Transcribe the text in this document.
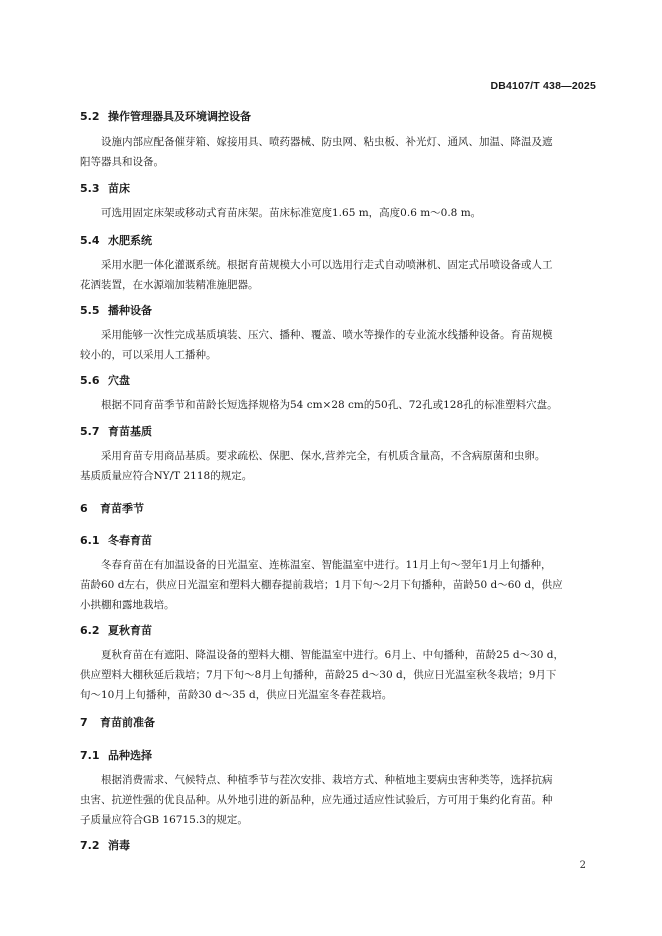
DB4107/T 438—2025
5.2 操作管理器具及环境调控设备
设施内部应配备催芽箱、嫁接用具、喷药器械、防虫网、粘虫板、补光灯、通风、加温、降温及遮
阳等器具和设备。
5.3 苗床
可选用固定床架或移动式育苗床架。苗床标准宽度1.65 m，高度0.6 m～0.8 m。
5.4 水肥系统
采用水肥一体化灌溉系统。根据育苗规模大小可以选用行走式自动喷淋机、固定式吊喷设备或人工
花洒装置，在水源端加装精准施肥器。
5.5 播种设备
采用能够一次性完成基质填装、压穴、播种、覆盖、喷水等操作的专业流水线播种设备。育苗规模
较小的，可以采用人工播种。
5.6 穴盘
根据不同育苗季节和苗龄长短选择规格为54 cm×28 cm的50孔、72孔或128孔的标准塑料穴盘。
5.7 育苗基质
采用育苗专用商品基质。要求疏松、保肥、保水,营养完全，有机质含量高，不含病原菌和虫卵。
基质质量应符合NY/T 2118的规定。
6 育苗季节
6.1 冬春育苗
冬春育苗在有加温设备的日光温室、连栋温室、智能温室中进行。11月上旬～翌年1月上旬播种，
苗龄60 d左右，供应日光温室和塑料大棚春提前栽培；1月下旬～2月下旬播种，苗龄50 d～60 d，供应
小拱棚和露地栽培。
6.2 夏秋育苗
夏秋育苗在有遮阳、降温设备的塑料大棚、智能温室中进行。6月上、中旬播种，苗龄25 d～30 d，
供应塑料大棚秋延后栽培；7月下旬～8月上旬播种，苗龄25 d～30 d，供应日光温室秋冬栽培；9月下
旬～10月上旬播种，苗龄30 d～35 d，供应日光温室冬春茬栽培。
7 育苗前准备
7.1 品种选择
根据消费需求、气候特点、种植季节与茬次安排、栽培方式、种植地主要病虫害种类等，选择抗病
虫害、抗逆性强的优良品种。从外地引进的新品种，应先通过适应性试验后，方可用于集约化育苗。种
子质量应符合GB 16715.3的规定。
7.2 消毒
2
